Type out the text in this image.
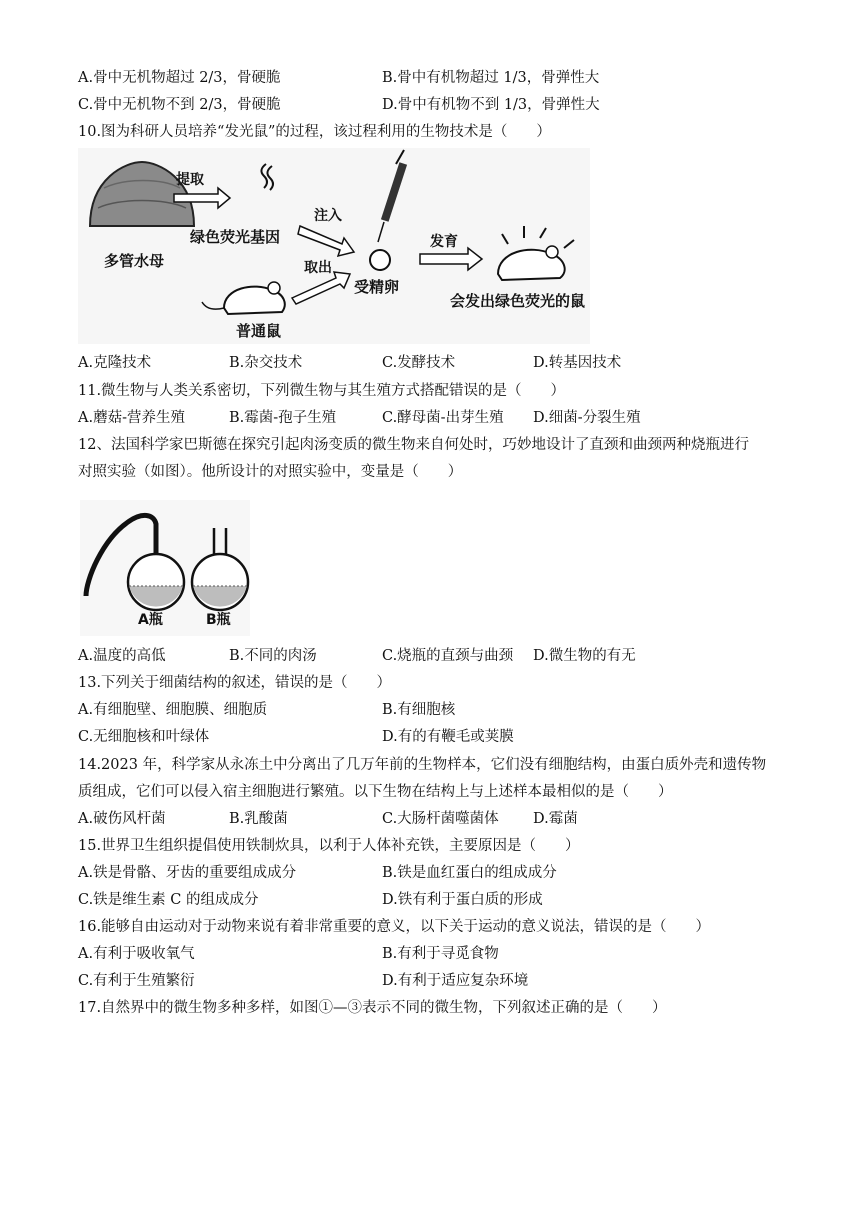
A.骨中无机物超过 2/3，骨硬脆	B.骨中有机物超过 1/3，骨弹性大
C.骨中无机物不到 2/3，骨硬脆	D.骨中有机物不到 1/3，骨弹性大
10.图为科研人员培养“发光鼠”的过程，该过程利用的生物技术是（　　）
多管水母
提取
绿色荧光基因
注入
受精卵
取出
普通鼠
发育
会发出绿色荧光的鼠
A.克隆技术	B.杂交技术	C.发酵技术	D.转基因技术
11.微生物与人类关系密切，下列微生物与其生殖方式搭配错误的是（　　）
A.蘑菇-营养生殖	B.霉菌-孢子生殖	C.酵母菌-出芽生殖 D.细菌-分裂生殖
12、法国科学家巴斯德在探究引起肉汤变质的微生物来自何处时，巧妙地设计了直颈和曲颈两种烧瓶进行
对照实验（如图）。他所设计的对照实验中，变量是（　　）
A瓶	B瓶
A.温度的高低	B.不同的肉汤	C.烧瓶的直颈与曲颈 D.微生物的有无
13.下列关于细菌结构的叙述，错误的是（　　）
A.有细胞壁、细胞膜、细胞质	B.有细胞核
C.无细胞核和叶绿体	D.有的有鞭毛或荚膜
14.2023 年，科学家从永冻土中分离出了几万年前的生物样本，它们没有细胞结构，由蛋白质外壳和遗传物
质组成，它们可以侵入宿主细胞进行繁殖。以下生物在结构上与上述样本最相似的是（　　）
A.破伤风杆菌	B.乳酸菌	C.大肠杆菌噬菌体 D.霉菌
15.世界卫生组织提倡使用铁制炊具，以利于人体补充铁，主要原因是（　　）
A.铁是骨骼、牙齿的重要组成成分	B.铁是血红蛋白的组成成分
C.铁是维生素 C 的组成成分	D.铁有利于蛋白质的形成
16.能够自由运动对于动物来说有着非常重要的意义，以下关于运动的意义说法，错误的是（　　）
A.有利于吸收氧气	B.有利于寻觅食物
C.有利于生殖繁衍	D.有利于适应复杂环境
17.自然界中的微生物多种多样，如图①—③表示不同的微生物，下列叙述正确的是（　　）
